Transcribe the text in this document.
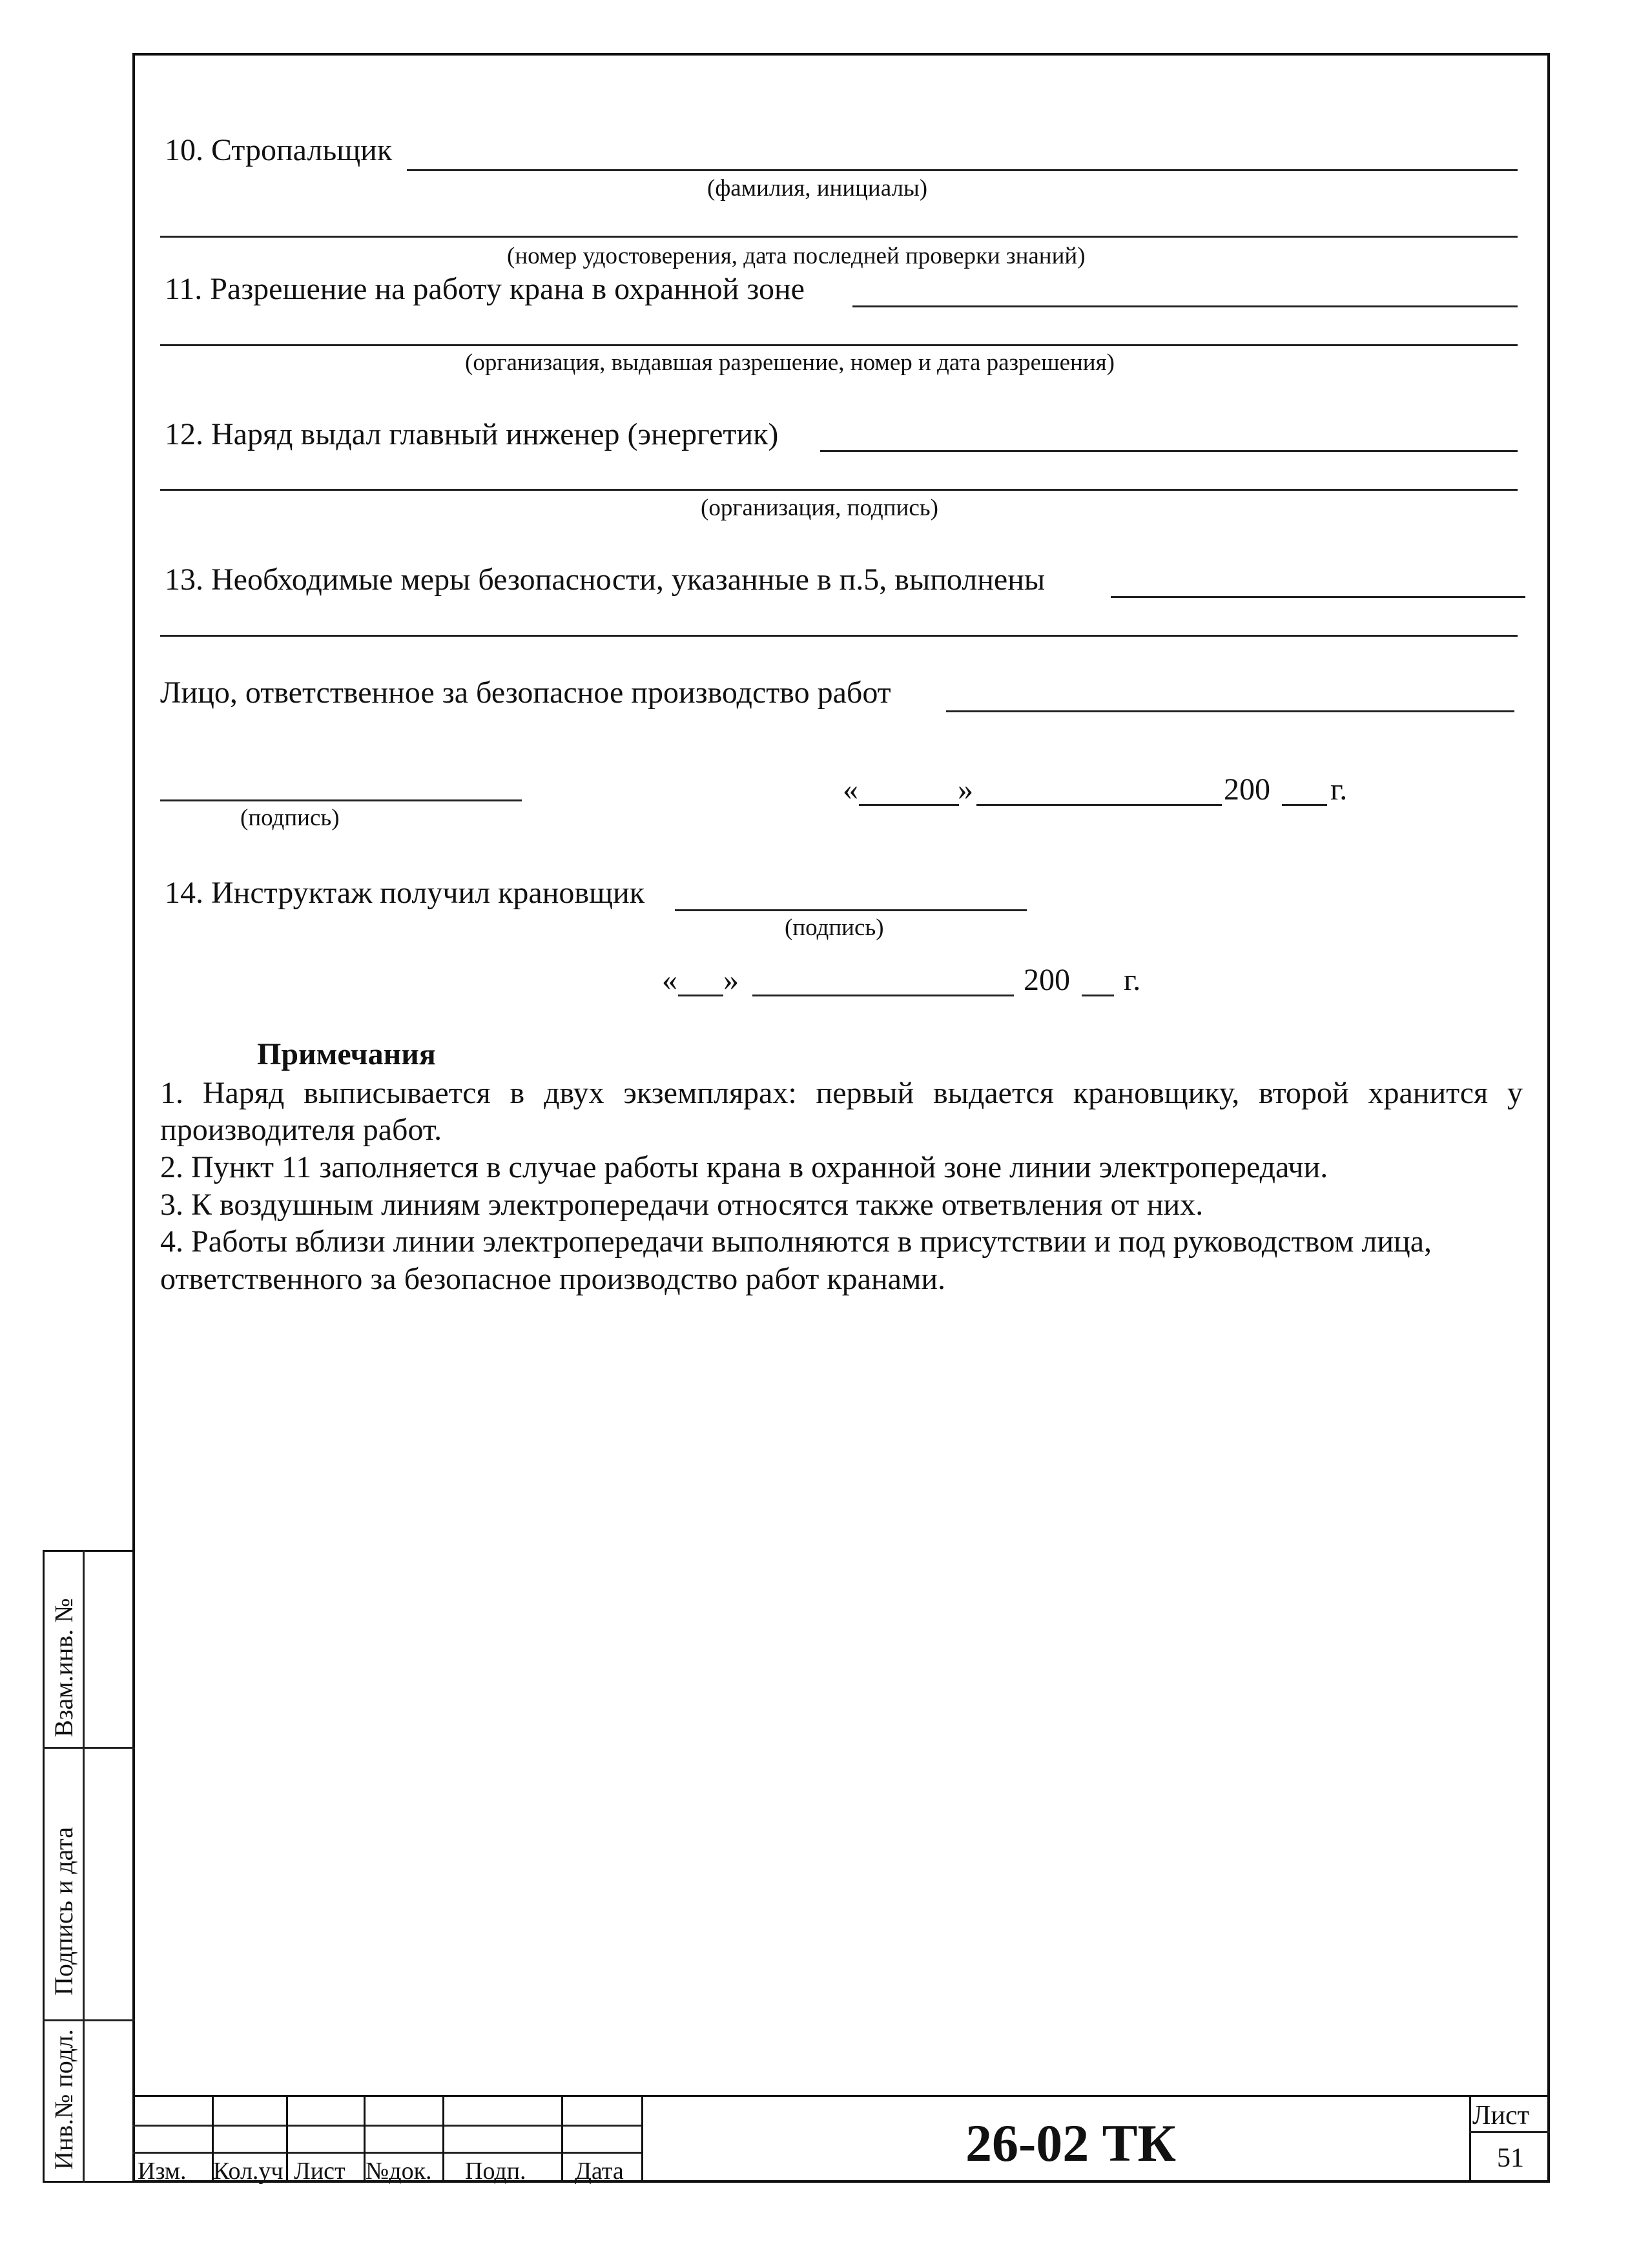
10. Стропальщик
(фамилия, инициалы)
(номер удостоверения, дата последней проверки знаний)
11. Разрешение на работу крана в охранной зоне
(организация, выдавшая разрешение, номер и дата разрешения)
12. Наряд выдал главный инженер (энергетик)
(организация, подпись)
13. Необходимые меры безопасности, указанные в п.5, выполнены
Лицо, ответственное за безопасное производство работ
(подпись)
«	»	200 г.
14. Инструктаж получил крановщик
(подпись)
« »	200 г.
Примечания
1. Наряд выписывается в двух экземплярах: первый выдается крановщику, второй хранится у
производителя работ.
2. Пункт 11 заполняется в случае работы крана в охранной зоне линии электропередачи.
3. К воздушным линиям электропередачи относятся также ответвления от них.
4. Работы вблизи линии электропередачи выполняются в присутствии и под руководством лица,
ответственного за безопасное производство работ кранами.
Взам.инв. №
Подпись и дата
Инв.№ подл.
Изм. Кол.уч Лист №док. Подп. Дата	26-02 ТК	Лист
51
